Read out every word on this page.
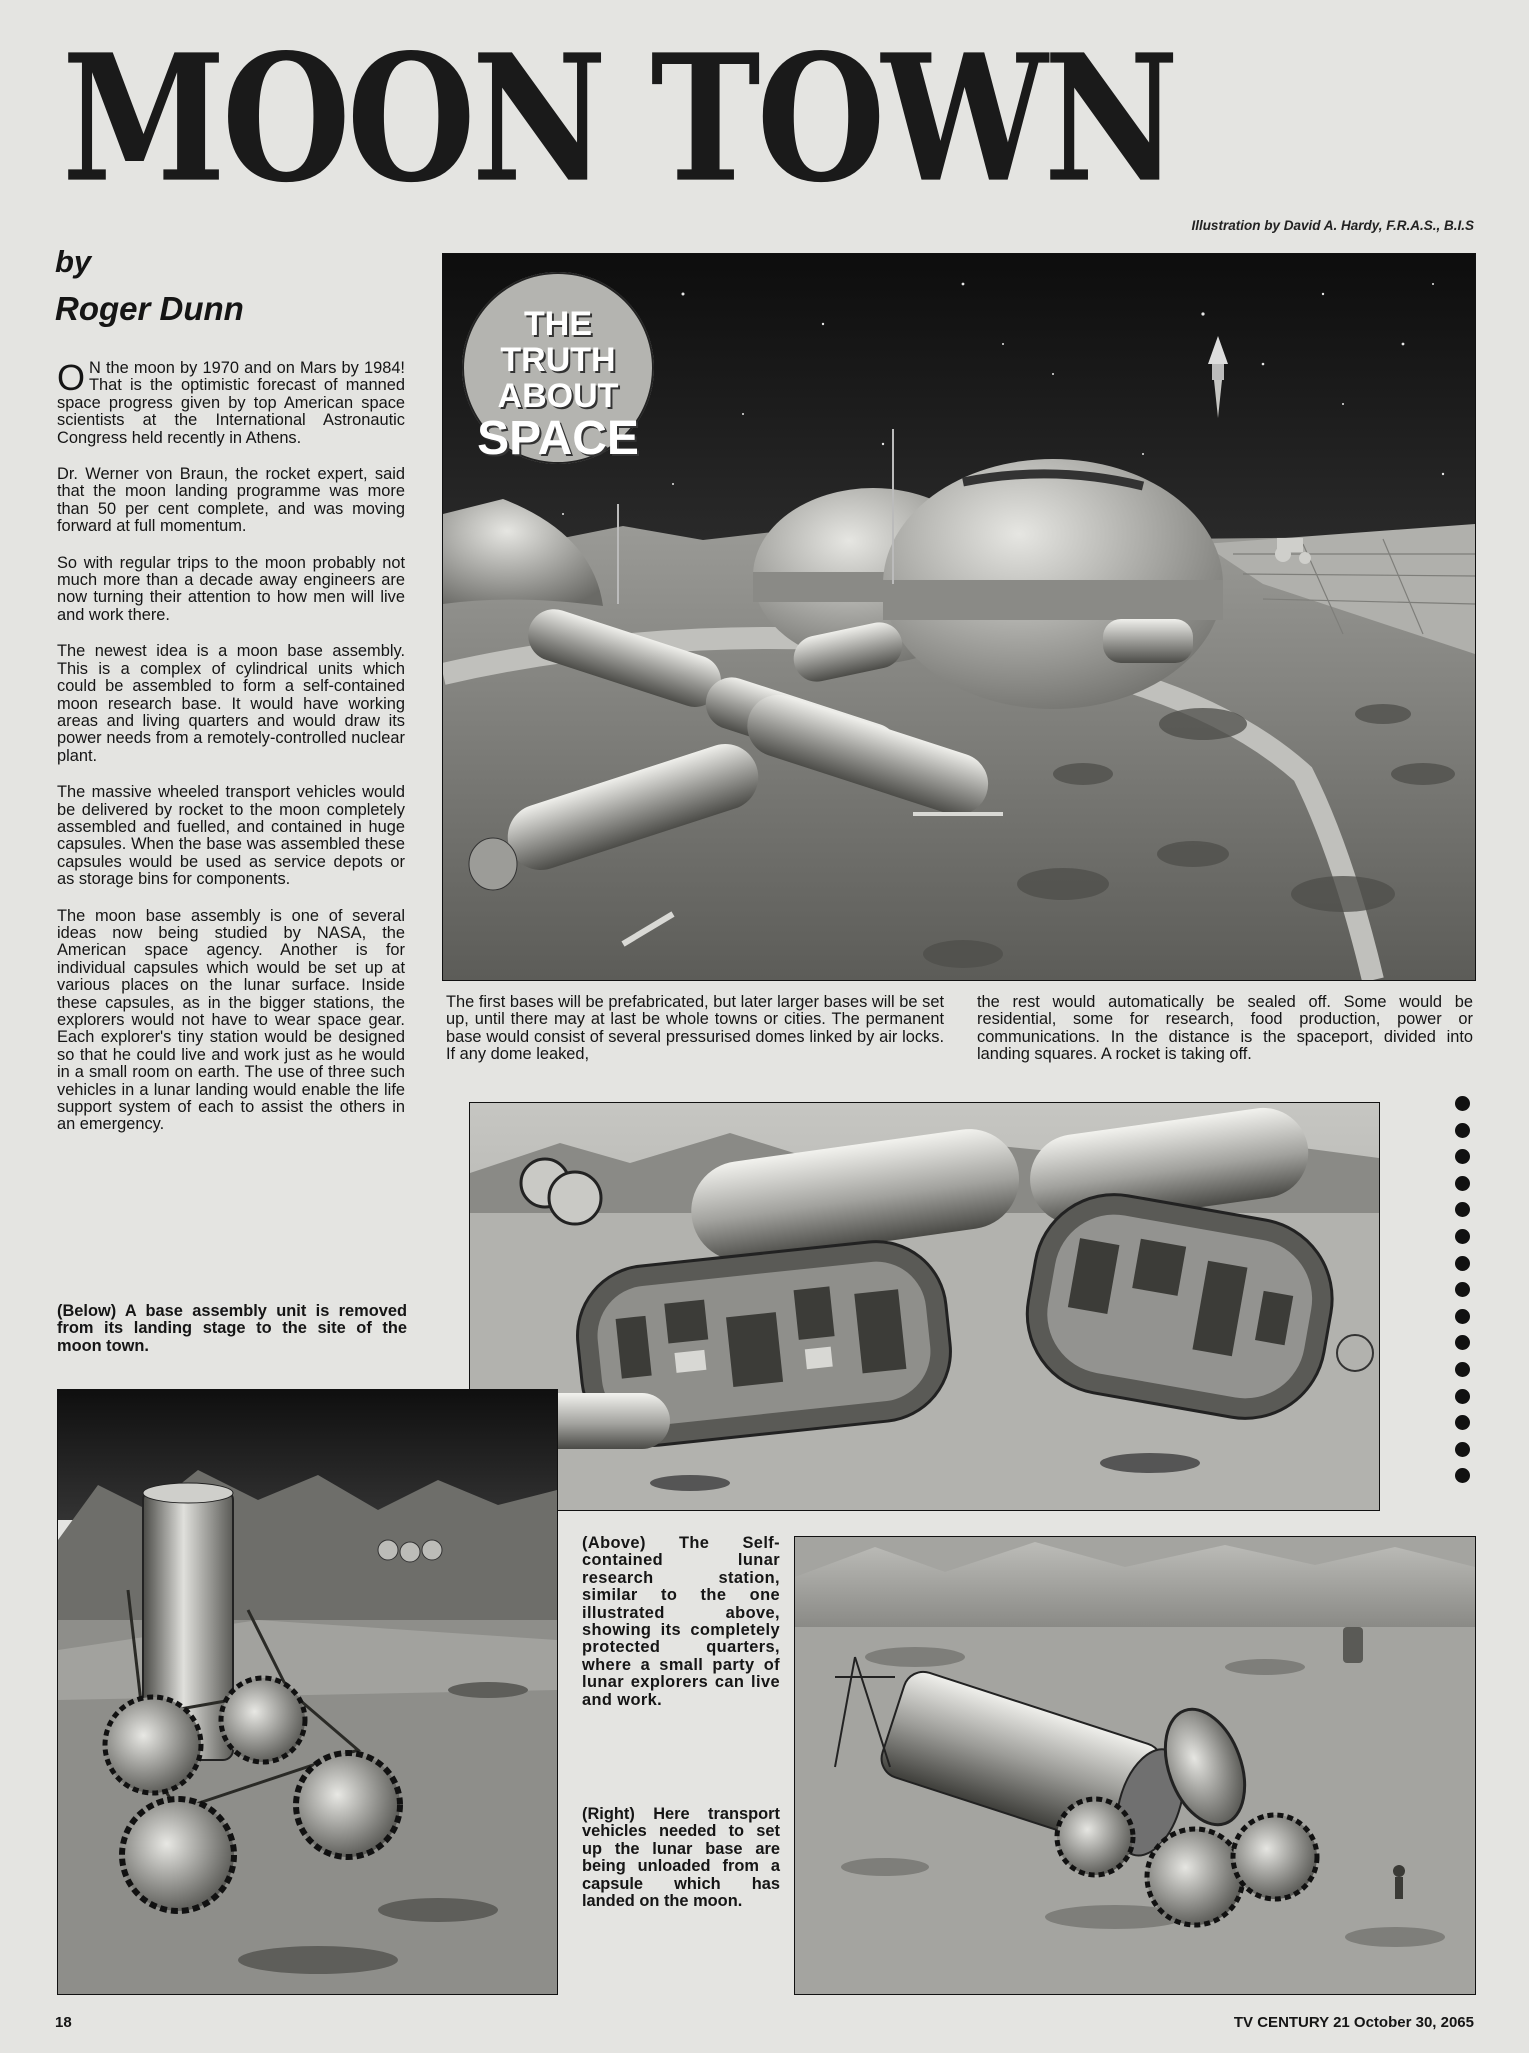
MOON TOWN
Illustration by David A. Hardy, F.R.A.S., B.I.S
by
Roger Dunn

O N the moon by 1970 and on Mars by 1984! That is the optimistic forecast of manned space progress given by top American space scientists at the International Astronautic Congress held recently in Athens.

Dr. Werner von Braun, the rocket expert, said that the moon landing programme was more than 50 per cent complete, and was moving forward at full momentum.

So with regular trips to the moon probably not much more than a decade away engineers are now turning their attention to how men will live and work there.

The newest idea is a moon base assembly. This is a complex of cylindrical units which could be assembled to form a self-contained moon research base. It would have working areas and living quarters and would draw its power needs from a remotely-controlled nuclear plant.

The massive wheeled transport vehicles would be delivered by rocket to the moon completely assembled and fuelled, and contained in huge capsules. When the base was assembled these capsules would be used as service depots or as storage bins for components.

The moon base assembly is one of several ideas now being studied by NASA, the American space agency. Another is for individual capsules which would be set up at various places on the lunar surface. Inside these capsules, as in the bigger stations, the explorers would not have to wear space gear. Each explorer's tiny station would be designed so that he could live and work just as he would in a small room on earth. The use of three such vehicles in a lunar landing would enable the life support system of each to assist the others in an emergency.

(Below) A base assembly unit is removed from its landing stage to the site of the moon town.
THE TRUTH
ABOUT
SPACE
The first bases will be prefabricated, but later larger bases will be set up, until there may at last be whole towns or cities. The permanent base would consist of several pressurised domes linked by air locks. If any dome leaked,
the rest would automatically be sealed off. Some would be residential, some for research, food production, power or communications. In the distance is the spaceport, divided into landing squares. A rocket is taking off.
(Above) The Self-contained lunar research station, similar to the one illustrated above, showing its completely protected quarters, where a small party of lunar explorers can live and work.
(Right) Here transport vehicles needed to set up the lunar base are being unloaded from a capsule which has landed on the moon.
18	TV CENTURY 21 October 30, 2065
